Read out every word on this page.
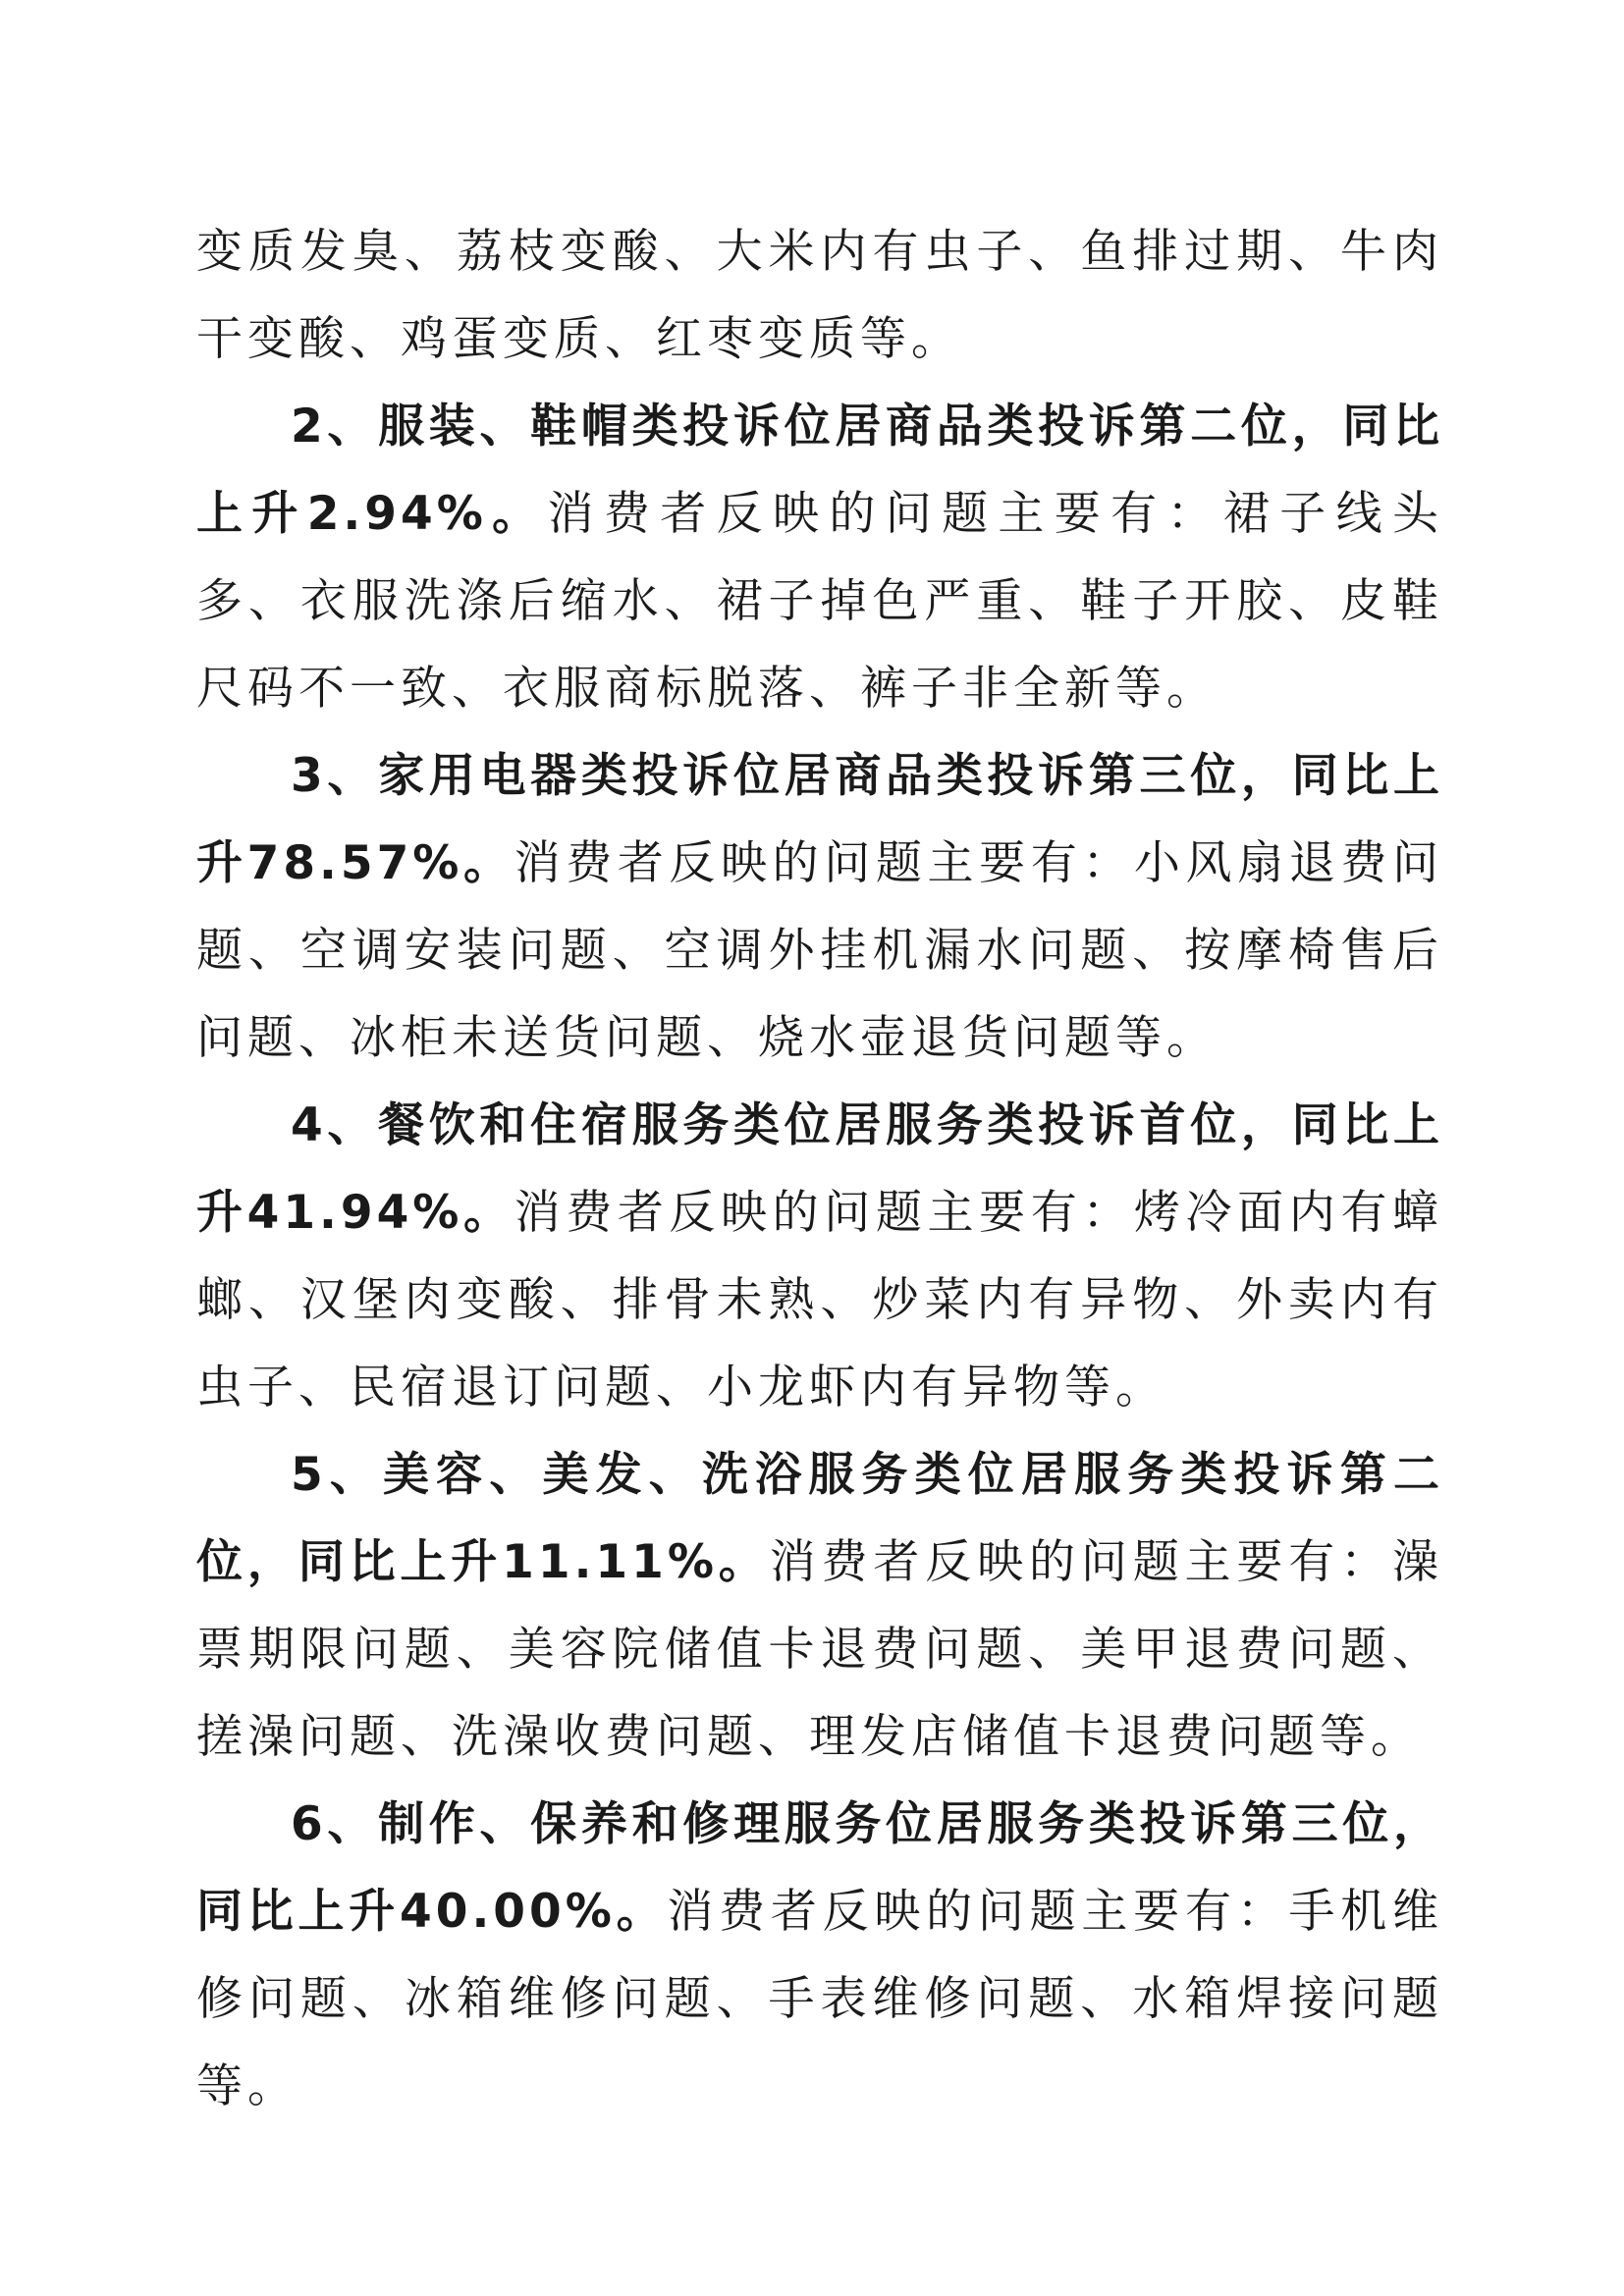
变质发臭、荔枝变酸、大米内有虫子、鱼排过期、牛肉干变酸、鸡蛋变质、红枣变质等。

2、服装、鞋帽类投诉位居商品类投诉第二位，同比上升2.94%。消费者反映的问题主要有：裙子线头多、衣服洗涤后缩水、裙子掉色严重、鞋子开胶、皮鞋尺码不一致、衣服商标脱落、裤子非全新等。

3、家用电器类投诉位居商品类投诉第三位，同比上升78.57%。消费者反映的问题主要有：小风扇退费问题、空调安装问题、空调外挂机漏水问题、按摩椅售后问题、冰柜未送货问题、烧水壶退货问题等。

4、餐饮和住宿服务类位居服务类投诉首位，同比上升41.94%。消费者反映的问题主要有：烤冷面内有蟑螂、汉堡肉变酸、排骨未熟、炒菜内有异物、外卖内有虫子、民宿退订问题、小龙虾内有异物等。

5、美容、美发、洗浴服务类位居服务类投诉第二位，同比上升11.11%。消费者反映的问题主要有：澡票期限问题、美容院储值卡退费问题、美甲退费问题、搓澡问题、洗澡收费问题、理发店储值卡退费问题等。

6、制作、保养和修理服务位居服务类投诉第三位，同比上升40.00%。消费者反映的问题主要有：手机维修问题、冰箱维修问题、手表维修问题、水箱焊接问题等。
